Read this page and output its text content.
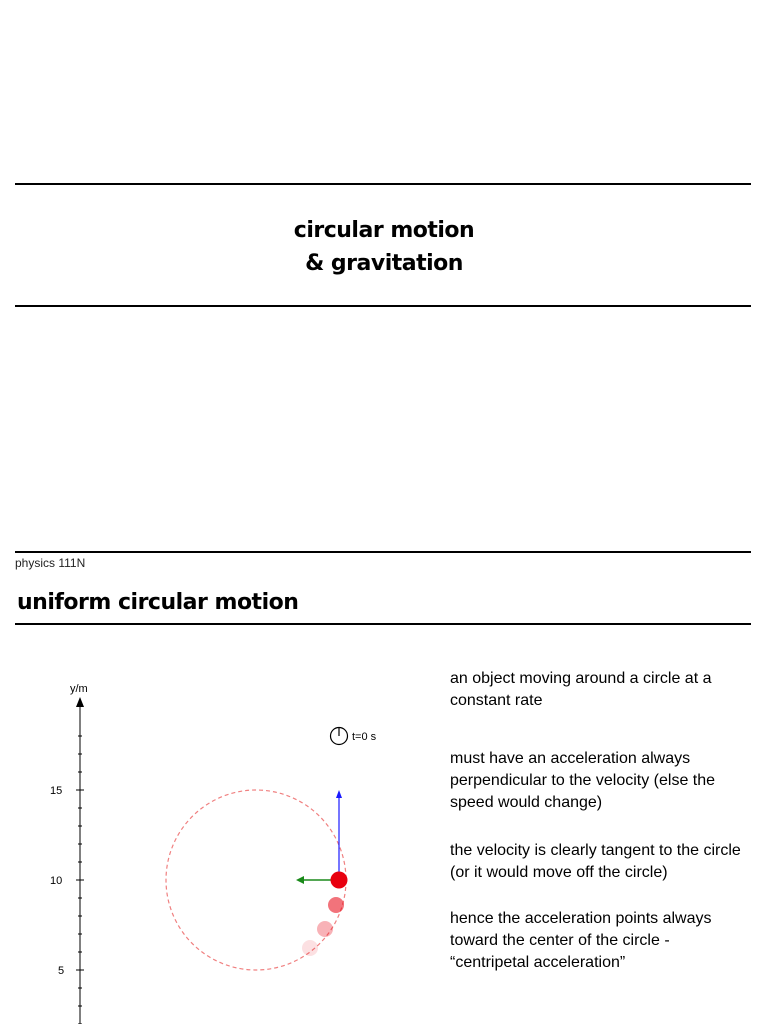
circular motion
& gravitation
physics 111N
uniform circular motion
y/m
15
10
5
t=0 s

an object moving around a circle at a constant rate

must have an acceleration always perpendicular to the velocity (else the speed would change)

the velocity is clearly tangent to the circle (or it would move off the circle)

hence the acceleration points always toward the center of the circle - “centripetal acceleration”
